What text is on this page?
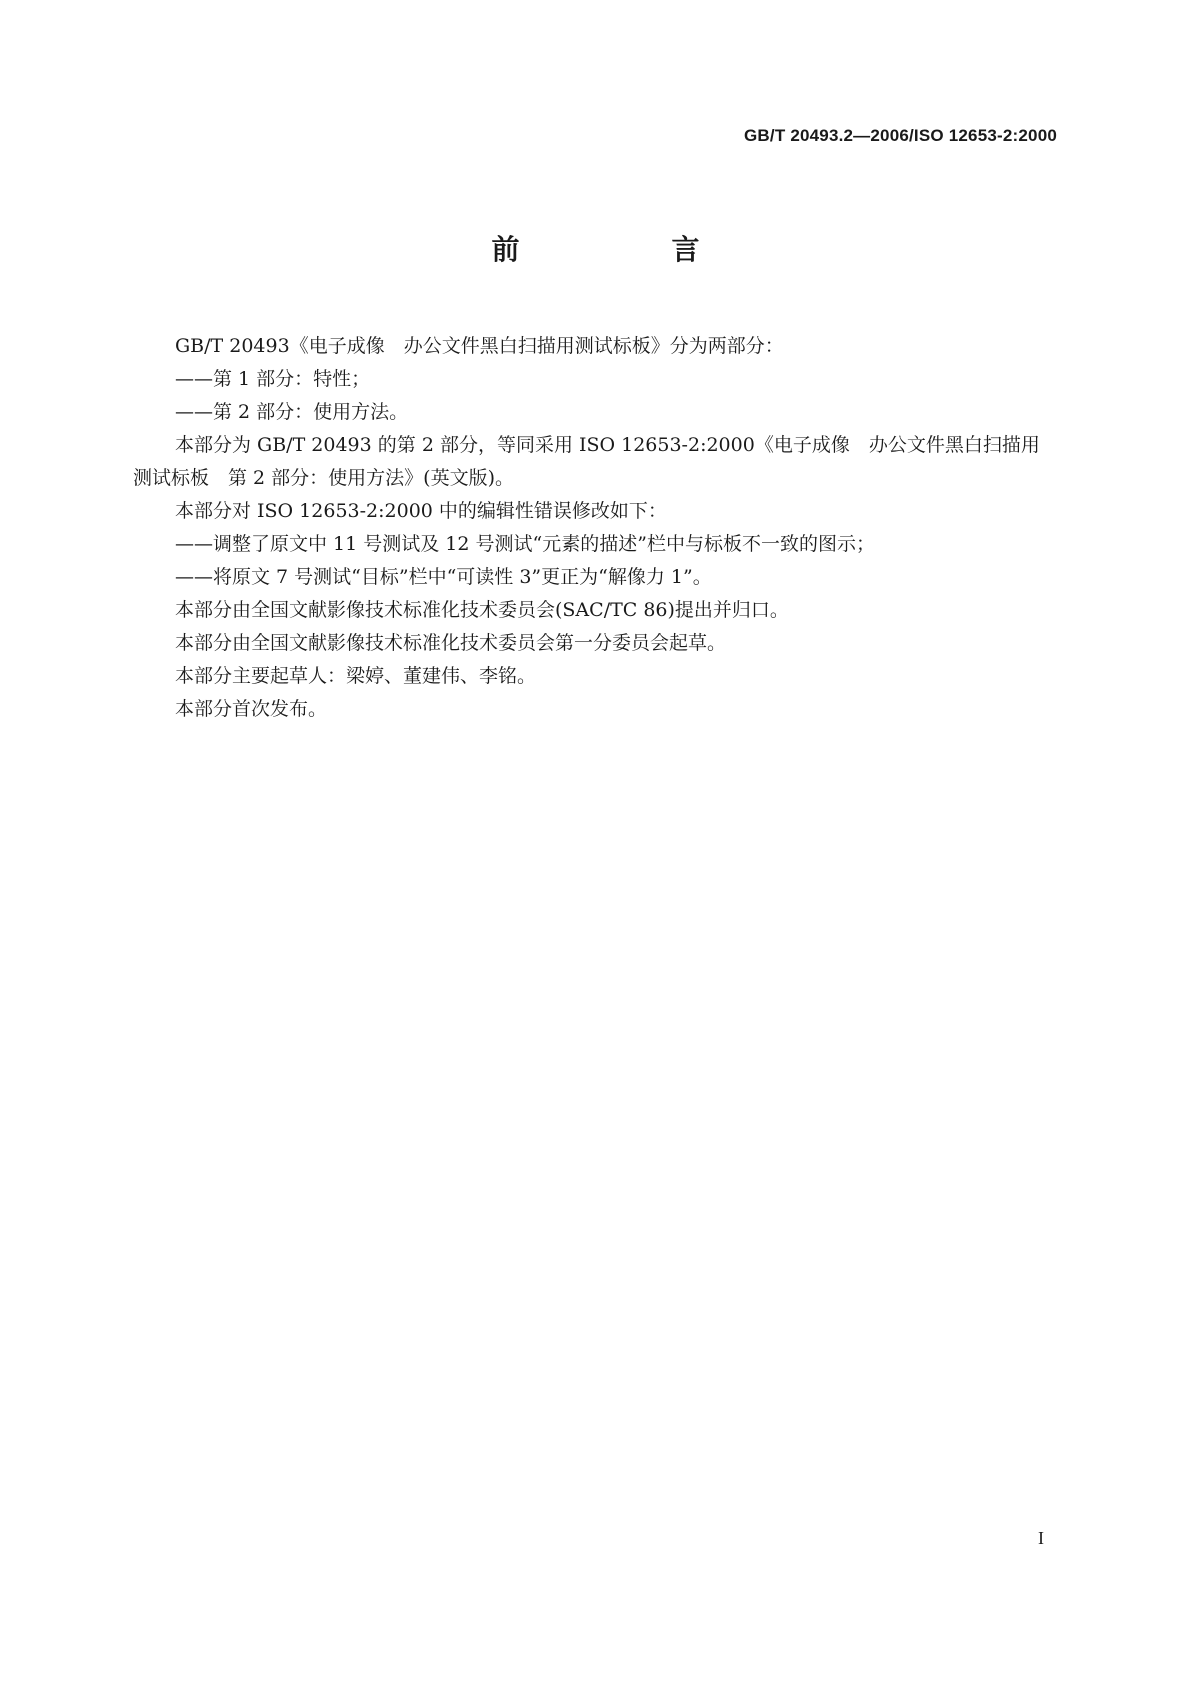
GB/T 20493.2—2006/ISO 12653-2:2000
前　言

GB/T 20493《电子成像　办公文件黑白扫描用测试标板》分为两部分：

——第 1 部分：特性；

——第 2 部分：使用方法。

本部分为 GB/T 20493 的第 2 部分，等同采用 ISO 12653-2:2000《电子成像　办公文件黑白扫描用
测试标板　第 2 部分：使用方法》(英文版)。

本部分对 ISO 12653-2:2000 中的编辑性错误修改如下：

——调整了原文中 11 号测试及 12 号测试“元素的描述”栏中与标板不一致的图示；

——将原文 7 号测试“目标”栏中“可读性 3”更正为“解像力 1”。

本部分由全国文献影像技术标准化技术委员会(SAC/TC 86)提出并归口。

本部分由全国文献影像技术标准化技术委员会第一分委员会起草。

本部分主要起草人：梁婷、董建伟、李铭。

本部分首次发布。

I
